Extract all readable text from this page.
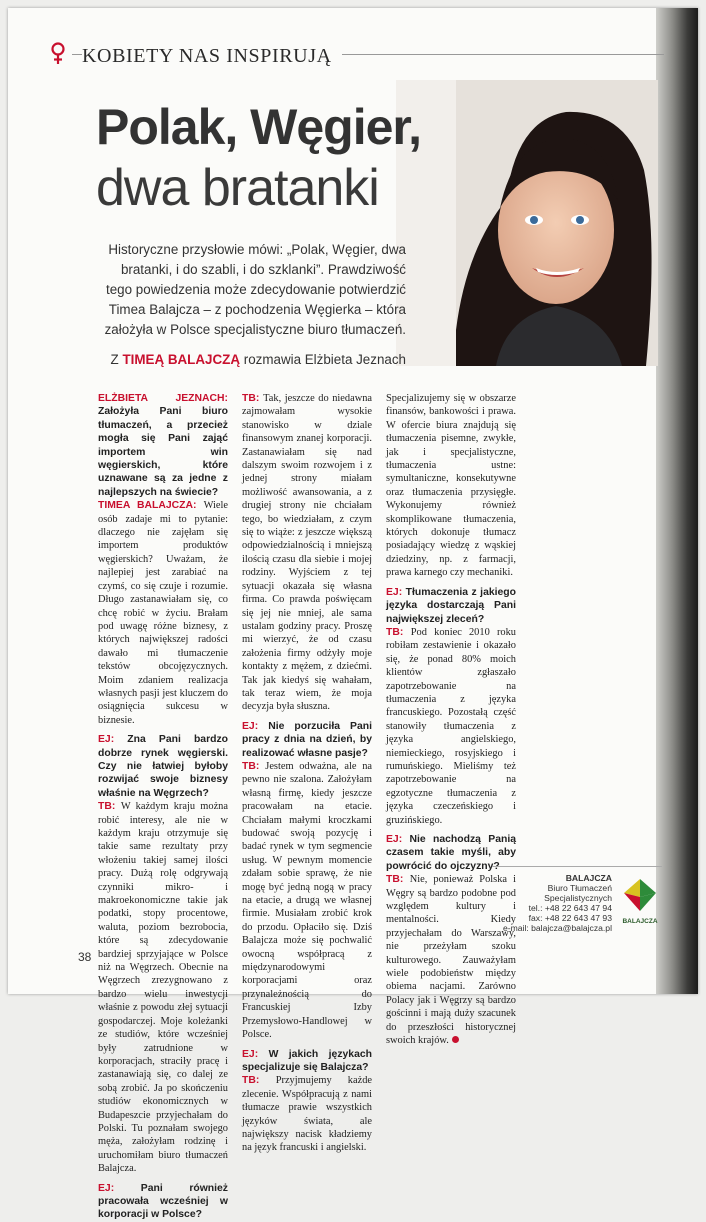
KOBIETY NAS INSPIRUJĄ
Polak, Węgier,
dwa bratanki

Historyczne przysłowie mówi: „Polak, Węgier, dwa bratanki, i do szabli, i do szklanki”. Prawdziwość tego powiedzenia może zdecydowanie potwierdzić Timea Balajcza – z pochodzenia Węgierka – która założyła w Polsce specjalistyczne biuro tłumaczeń.

Z TIMEĄ BALAJCZĄ rozmawia Elżbieta Jeznach

ELŻBIETA JEZNACH: Założyła Pani biuro tłumaczeń, a przecież mogła się Pani zająć importem win węgierskich, które uznawane są za jedne z najlepszych na świecie?

TIMEA BALAJCZA: Wiele osób zadaje mi to pytanie: dlaczego nie zajęłam się importem produktów węgierskich? Uważam, że najlepiej jest zarabiać na czymś, co się czuje i rozumie. Długo zastanawiałam się, co chcę robić w życiu. Brałam pod uwagę różne biznesy, z których największej radości dawało mi tłumaczenie tekstów obcojęzycznych. Moim zdaniem realizacja własnych pasji jest kluczem do osiągnięcia sukcesu w biznesie.

EJ: Zna Pani bardzo dobrze rynek węgierski. Czy nie łatwiej byłoby rozwijać swoje biznesy właśnie na Węgrzech?

TB: W każdym kraju można robić interesy, ale nie w każdym kraju otrzymuje się takie same rezultaty przy włożeniu takiej samej ilości pracy. Dużą rolę odgrywają czynniki mikro- i makroekonomiczne takie jak podatki, stopy procentowe, waluta, poziom bezrobocia, które są zdecydowanie bardziej sprzyjające w Polsce niż na Węgrzech. Obecnie na Węgrzech zrezygnowano z bardzo wielu inwestycji właśnie z powodu złej sytuacji gospodarczej. Moje koleżanki ze studiów, które wcześniej były zatrudnione w korporacjach, straciły pracę i zastanawiają się, co dalej ze sobą zrobić. Ja po skończeniu studiów ekonomicznych w Budapeszcie przyjechałam do Polski. Tu poznałam swojego męża, założyłam rodzinę i uruchomiłam biuro tłumaczeń Balajcza.

EJ: Pani również pracowała wcześniej w korporacji w Polsce?

TB: Tak, jeszcze do niedawna zajmowałam wysokie stanowisko w dziale finansowym znanej korporacji. Zastanawiałam się nad dalszym swoim rozwojem i z jednej strony miałam możliwość awansowania, a z drugiej strony nie chciałam tego, bo wiedziałam, z czym się to wiąże: z jeszcze większą odpowiedzialnością i mniejszą ilością czasu dla siebie i mojej rodziny. Wyjściem z tej sytuacji okazała się własna firma. Co prawda poświęcam się jej nie mniej, ale sama ustalam godziny pracy. Proszę mi wierzyć, że od czasu założenia firmy odżyły moje kontakty z mężem, z dziećmi. Tak jak kiedyś się wahałam, tak teraz wiem, że moja decyzja była słuszna.

EJ: Nie porzuciła Pani pracy z dnia na dzień, by realizować własne pasje?

TB: Jestem odważna, ale na pewno nie szalona. Założyłam własną firmę, kiedy jeszcze pracowałam na etacie. Chciałam małymi kroczkami budować swoją pozycję i badać rynek w tym segmencie usług. W pewnym momencie zdałam sobie sprawę, że nie mogę być jedną nogą w pracy na etacie, a drugą we własnej firmie. Musiałam zrobić krok do przodu. Opłaciło się. Dziś Balajcza może się pochwalić owocną współpracą z międzynarodowymi korporacjami oraz przynależnością do Francuskiej Izby Przemysłowo-Handlowej w Polsce.

EJ: W jakich językach specjalizuje się Balajcza?

TB: Przyjmujemy każde zlecenie. Współpracują z nami tłumacze prawie wszystkich języków świata, ale największy nacisk kładziemy na język francuski i angielski.

Specjalizujemy się w obszarze finansów, bankowości i prawa. W ofercie biura znajdują się tłumaczenia pisemne, zwykłe, jak i specjalistyczne, tłumaczenia ustne: symultaniczne, konsekutywne oraz tłumaczenia przysięgłe. Wykonujemy również skomplikowane tłumaczenia, których dokonuje tłumacz posiadający wiedzę z wąskiej dziedziny, np. z farmacji, prawa karnego czy mechaniki.

EJ: Tłumaczenia z jakiego języka dostarczają Pani największej zleceń?

TB: Pod koniec 2010 roku robiłam zestawienie i okazało się, że ponad 80% moich klientów zgłaszało zapotrzebowanie na tłumaczenia z języka francuskiego. Pozostałą część stanowiły tłumaczenia z języka angielskiego, niemieckiego, rosyjskiego i rumuńskiego. Mieliśmy też zapotrzebowanie na egzotyczne tłumaczenia z języka czeczeńskiego i gruzińskiego.

EJ: Nie nachodzą Panią czasem takie myśli, aby powrócić do ojczyzny?

TB: Nie, ponieważ Polska i Węgry są bardzo podobne pod względem kultury i mentalności. Kiedy przyjechałam do Warszawy, nie przeżyłam szoku kulturowego. Zauważyłam wiele podobieństw między obiema nacjami. Zarówno Polacy jak i Węgrzy są bardzo gościnni i mają duży szacunek do przeszłości historycznej swoich krajów.

BALAJCZA
Biuro Tłumaczeń Specjalistycznych
tel.: +48 22 643 47 94
fax: +48 22 643 47 93
e-mail: balajcza@balajcza.pl
BALAJCZA
38
